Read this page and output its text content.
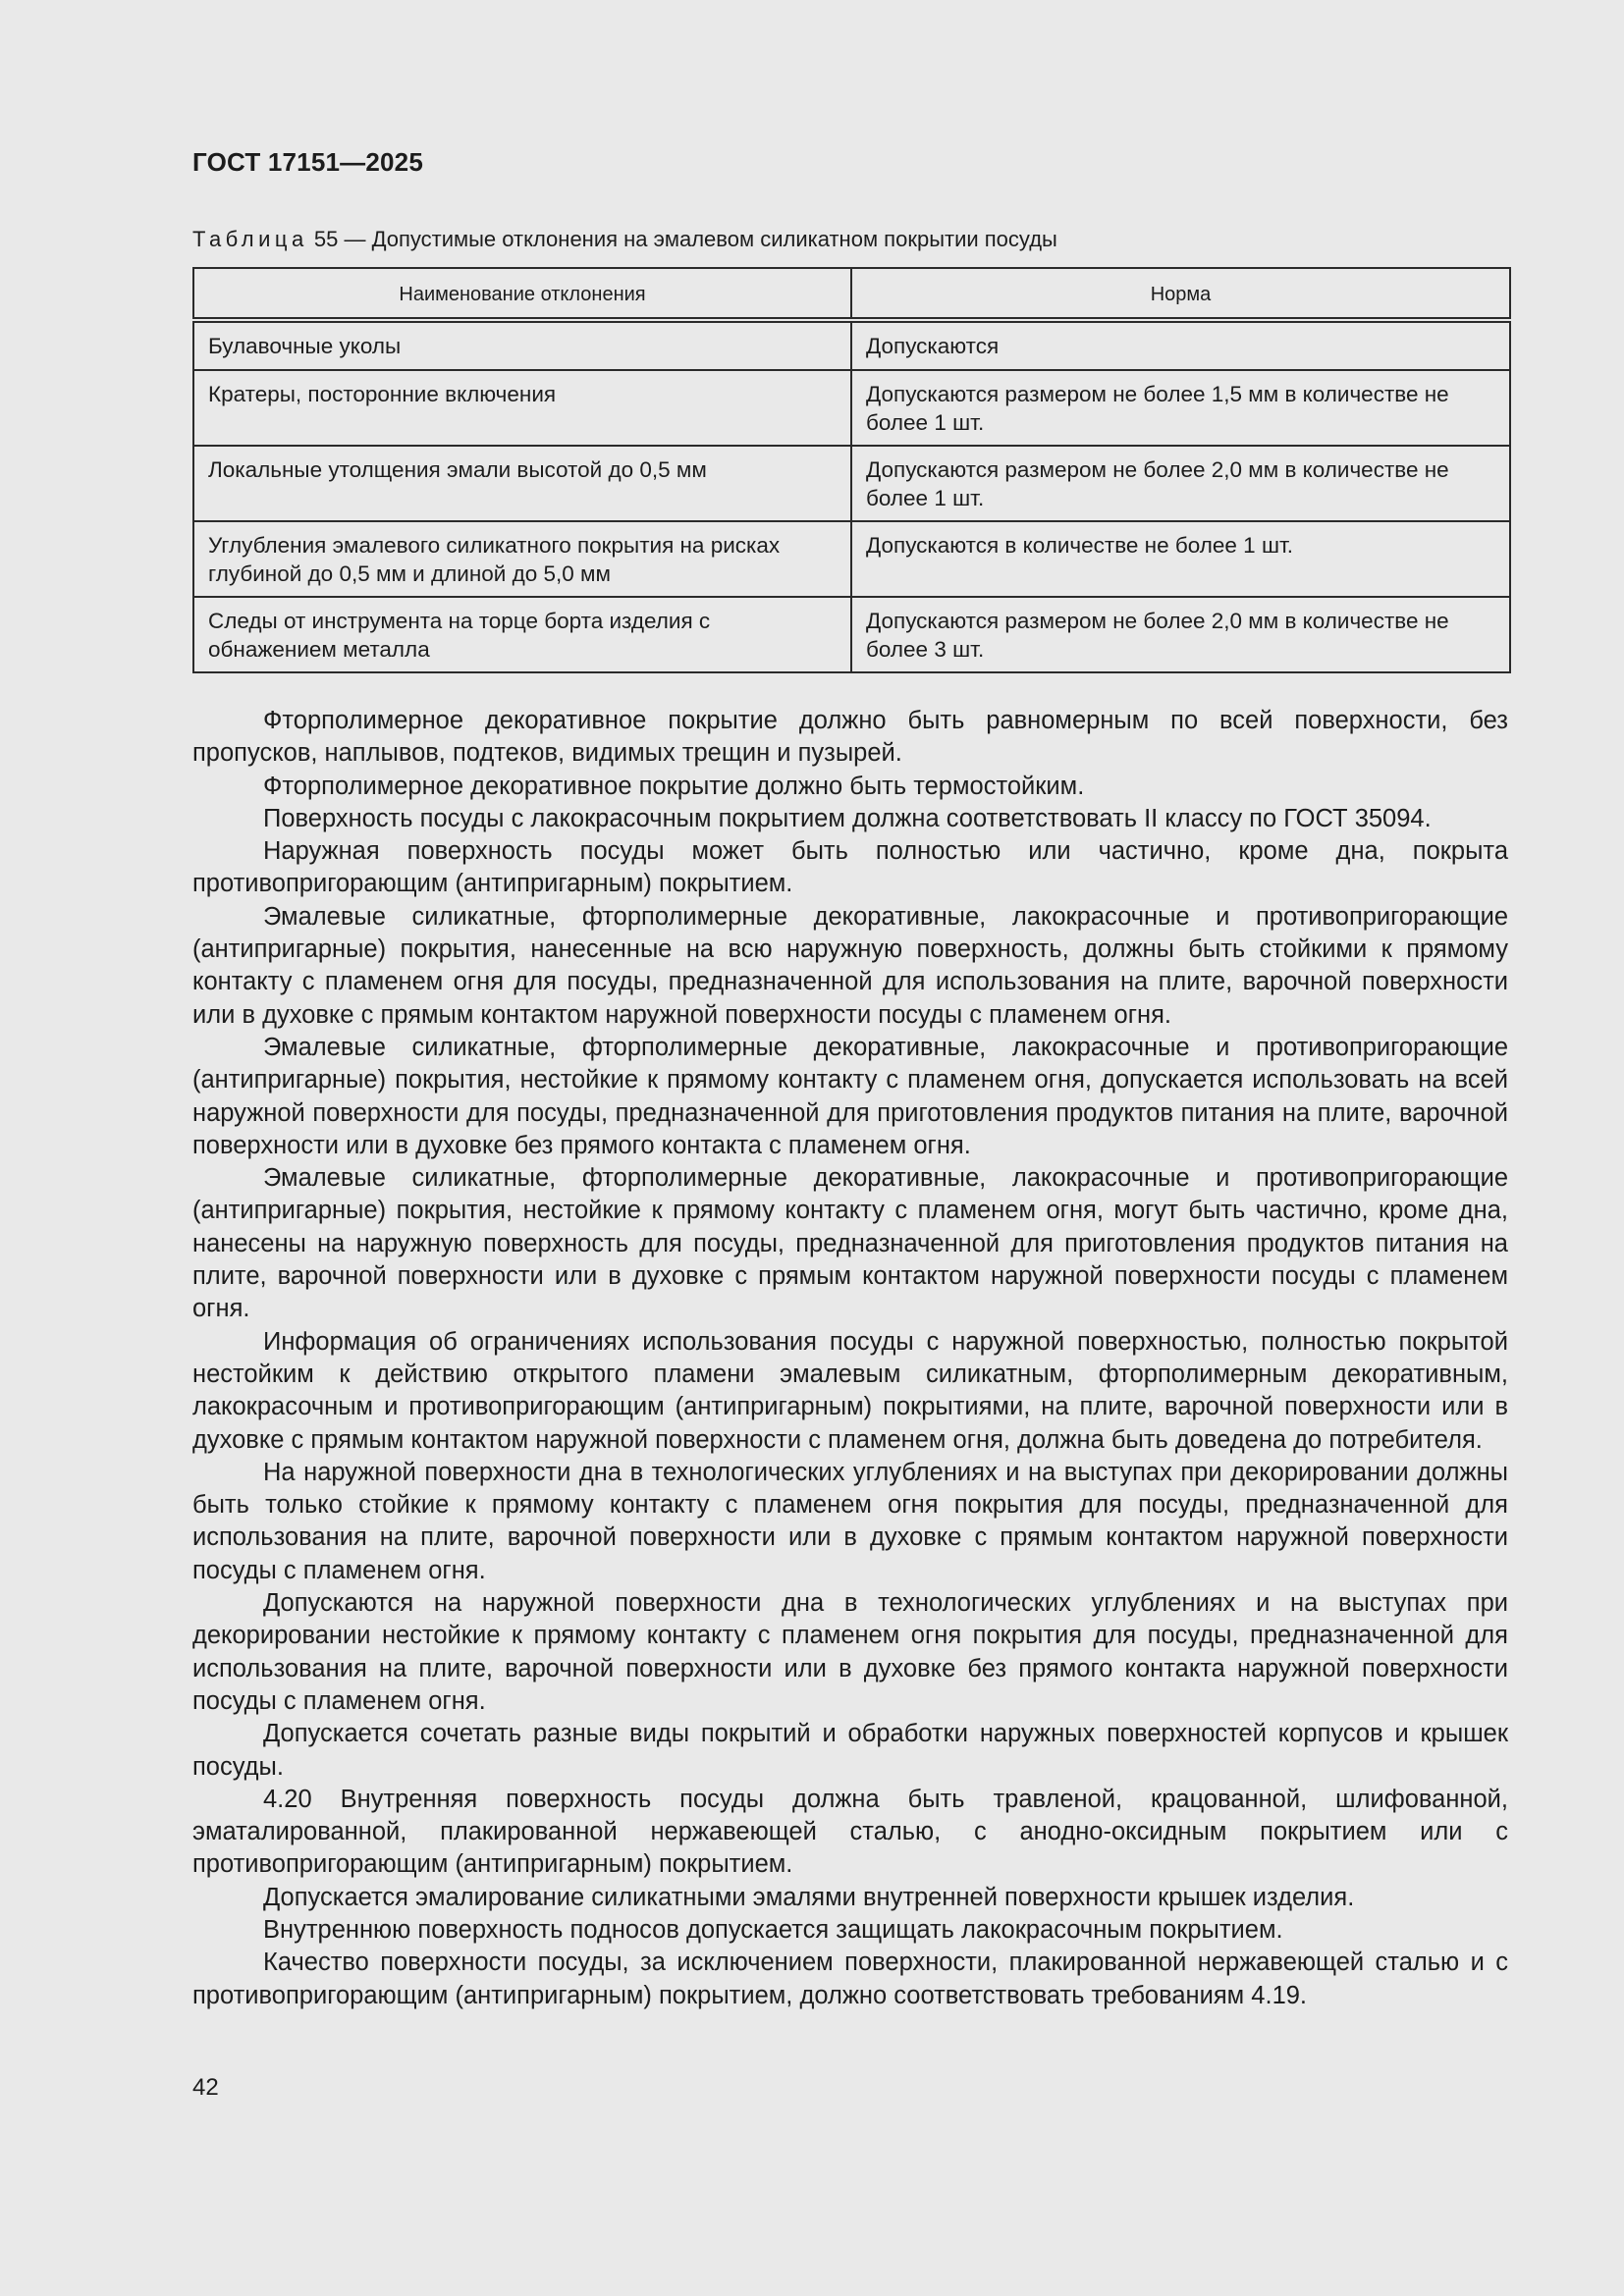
ГОСТ 17151—2025
Таблица 55 — Допустимые отклонения на эмалевом силикатном покрытии посуды
Наименование отклонения	Норма
Булавочные уколы	Допускаются
Кратеры, посторонние включения	Допускаются размером не более 1,5 мм в количестве не более 1 шт.
Локальные утолщения эмали высотой до 0,5 мм	Допускаются размером не более 2,0 мм в количестве не более 1 шт.
Углубления эмалевого силикатного покрытия на рисках глубиной до 0,5 мм и длиной до 5,0 мм	Допускаются в количестве не более 1 шт.
Следы от инструмента на торце борта изделия с обнажением металла	Допускаются размером не более 2,0 мм в количестве не более 3 шт.

Фторполимерное декоративное покрытие должно быть равномерным по всей поверхности, без пропусков, наплывов, подтеков, видимых трещин и пузырей.

Фторполимерное декоративное покрытие должно быть термостойким.

Поверхность посуды с лакокрасочным покрытием должна соответствовать II классу по ГОСТ 35094.

Наружная поверхность посуды может быть полностью или частично, кроме дна, покрыта противопригорающим (антипригарным) покрытием.

Эмалевые силикатные, фторполимерные декоративные, лакокрасочные и противопригорающие (антипригарные) покрытия, нанесенные на всю наружную поверхность, должны быть стойкими к прямому контакту с пламенем огня для посуды, предназначенной для использования на плите, варочной поверхности или в духовке с прямым контактом наружной поверхности посуды с пламенем огня.

Эмалевые силикатные, фторполимерные декоративные, лакокрасочные и противопригорающие (антипригарные) покрытия, нестойкие к прямому контакту с пламенем огня, допускается использовать на всей наружной поверхности для посуды, предназначенной для приготовления продуктов питания на плите, варочной поверхности или в духовке без прямого контакта с пламенем огня.

Эмалевые силикатные, фторполимерные декоративные, лакокрасочные и противопригорающие (антипригарные) покрытия, нестойкие к прямому контакту с пламенем огня, могут быть частично, кроме дна, нанесены на наружную поверхность для посуды, предназначенной для приготовления продуктов питания на плите, варочной поверхности или в духовке с прямым контактом наружной поверхности посуды с пламенем огня.

Информация об ограничениях использования посуды с наружной поверхностью, полностью покрытой нестойким к действию открытого пламени эмалевым силикатным, фторполимерным декоративным, лакокрасочным и противопригорающим (антипригарным) покрытиями, на плите, варочной поверхности или в духовке с прямым контактом наружной поверхности с пламенем огня, должна быть доведена до потребителя.

На наружной поверхности дна в технологических углублениях и на выступах при декорировании должны быть только стойкие к прямому контакту с пламенем огня покрытия для посуды, предназначенной для использования на плите, варочной поверхности или в духовке с прямым контактом наружной поверхности посуды с пламенем огня.

Допускаются на наружной поверхности дна в технологических углублениях и на выступах при декорировании нестойкие к прямому контакту с пламенем огня покрытия для посуды, предназначенной для использования на плите, варочной поверхности или в духовке без прямого контакта наружной поверхности посуды с пламенем огня.

Допускается сочетать разные виды покрытий и обработки наружных поверхностей корпусов и крышек посуды.

4.20 Внутренняя поверхность посуды должна быть травленой, крацованной, шлифованной, эматалированной, плакированной нержавеющей сталью, с анодно-оксидным покрытием или с противопригорающим (антипригарным) покрытием.

Допускается эмалирование силикатными эмалями внутренней поверхности крышек изделия.

Внутреннюю поверхность подносов допускается защищать лакокрасочным покрытием.

Качество поверхности посуды, за исключением поверхности, плакированной нержавеющей сталью и с противопригорающим (антипригарным) покрытием, должно соответствовать требованиям 4.19.

42
